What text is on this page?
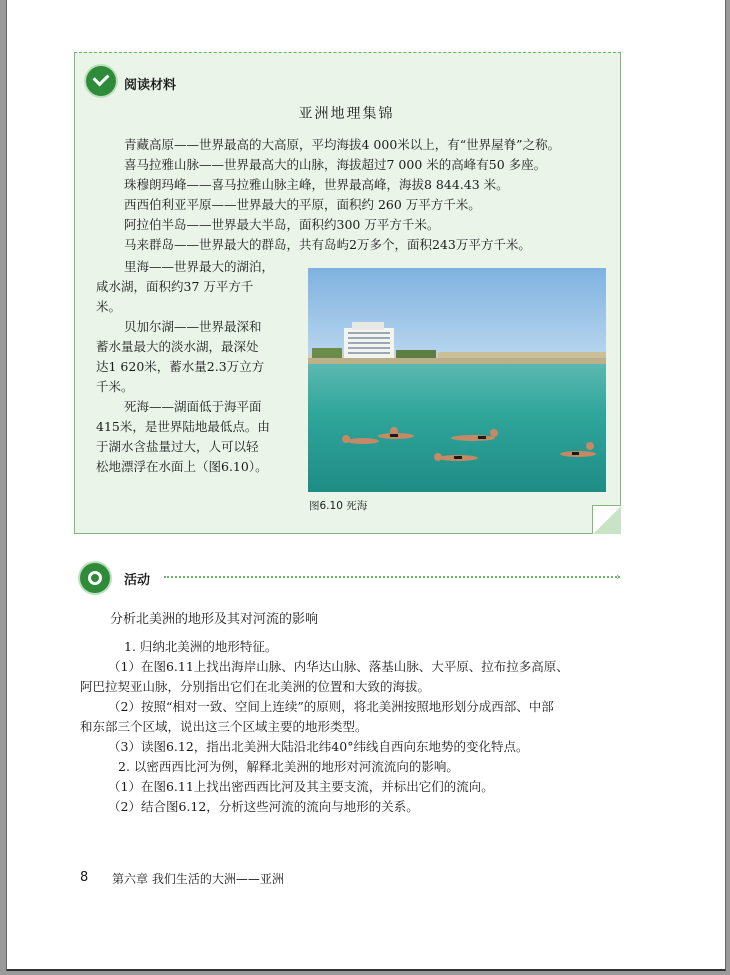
阅读材料
亚洲地理集锦
青藏高原——世界最高的大高原，平均海拔4 000米以上，有“世界屋脊”之称。
喜马拉雅山脉——世界最高大的山脉，海拔超过7 000 米的高峰有50 多座。
珠穆朗玛峰——喜马拉雅山脉主峰，世界最高峰，海拔8 844.43 米。
西西伯利亚平原——世界最大的平原，面积约 260 万平方千米。
阿拉伯半岛——世界最大半岛，面积约300 万平方千米。
马来群岛——世界最大的群岛，共有岛屿2万多个，面积243万平方千米。
里海——世界最大的湖泊，
咸水湖，面积约37 万平方千
米。
贝加尔湖——世界最深和
蓄水量最大的淡水湖，最深处
达1 620米，蓄水量2.3万立方
千米。
死海——湖面低于海平面
415米，是世界陆地最低点。由
于湖水含盐量过大，人可以轻
松地漂浮在水面上（图6.10）。
图6.10 死海
活动	›
分析北美洲的地形及其对河流的影响
1. 归纳北美洲的地形特征。
（1）在图6.11上找出海岸山脉、内华达山脉、落基山脉、大平原、拉布拉多高原、
阿巴拉契亚山脉，分别指出它们在北美洲的位置和大致的海拔。
（2）按照“相对一致、空间上连续”的原则，将北美洲按照地形划分成西部、中部
和东部三个区域，说出这三个区域主要的地形类型。
（3）读图6.12，指出北美洲大陆沿北纬40°纬线自西向东地势的变化特点。
2. 以密西西比河为例，解释北美洲的地形对河流流向的影响。
（1）在图6.11上找出密西西比河及其主要支流，并标出它们的流向。
（2）结合图6.12，分析这些河流的流向与地形的关系。
8 第六章 我们生活的大洲——亚洲
